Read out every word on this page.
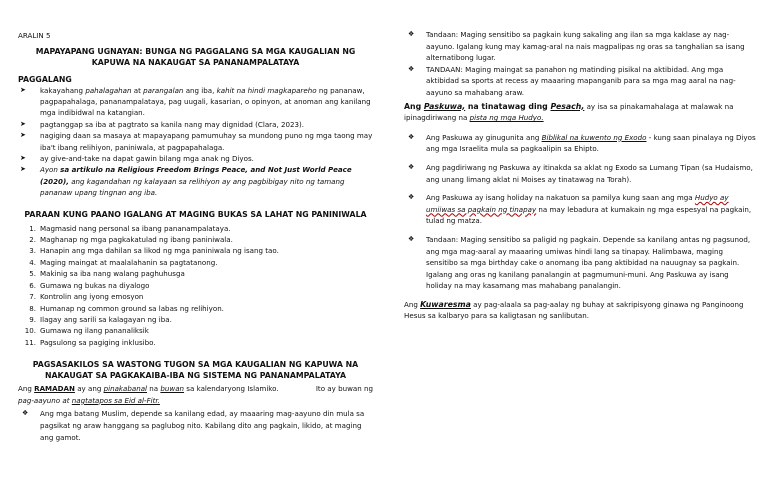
ARALIN 5

MAPAYAPANG UGNAYAN: BUNGA NG PAGGALANG SA MGA KAUGALIAN NG KAPUWA NA NAKAUGAT SA PANANAMPALATAYA

PAGGALANG

➤ kakayahang pahalagahan at parangalan ang iba, kahit na hindi magkapareho ng pananaw, pagpapahalaga, pananampalataya, pag uugali, kasarian, o opinyon, at anoman ang kanilang mga indibidwal na katangian.
➤ pagtanggap sa iba at pagtrato sa kanila nang may dignidad (Clara, 2023).
➤ nagiging daan sa masaya at mapayapang pamumuhay sa mundong puno ng mga taong may iba't ibang relihiyon, paniniwala, at pagpapahalaga.
➤ ay give-and-take na dapat gawin bilang mga anak ng Diyos.
➤ Ayon sa artikulo na Religious Freedom Brings Peace, and Not Just World Peace (2020), ang kagandahan ng kalayaan sa relihiyon ay ang pagbibigay nito ng tamang pananaw upang tingnan ang iba.

PARAAN KUNG PAANO IGALANG AT MAGING BUKAS SA LAHAT NG PANINIWALA

1. Magmasid nang personal sa ibang pananampalataya.
2. Maghanap ng mga pagkakatulad ng ibang paniniwala.
3. Hanapin ang mga dahilan sa likod ng mga paniniwala ng isang tao.
4. Maging maingat at maalalahanin sa pagtatanong.
5. Makinig sa iba nang walang paghuhusga
6. Gumawa ng bukas na diyalogo
7. Kontrolin ang iyong emosyon
8. Humanap ng common ground sa labas ng relihiyon.
9. Ilagay ang sarili sa kalagayan ng iba.
10. Gumawa ng ilang pananaliksik
11. Pagsulong sa pagiging inklusibo.

PAGSASAKILOS SA WASTONG TUGON SA MGA KAUGALIAN NG KAPUWA NA NAKAUGAT SA PAGKAKAIBA-IBA NG SISTEMA NG PANANAMPALATAYA

Ang RAMADAN ay ang pinakabanal na buwan sa kalendaryong Islamiko.	Ito ay buwan ng

pag-aayuno at nagtatapos sa Eid al-Fitr.

❖ Ang mga batang Muslim, depende sa kanilang edad, ay maaaring mag-aayuno din mula sa pagsikat ng araw hanggang sa paglubog nito. Kabilang dito ang pagkain, likido, at maging ang gamot.
❖ Tandaan: Maging sensitibo sa pagkain kung sakaling ang ilan sa mga kaklase ay nag-aayuno. Igalang kung may kamag-aral na nais magpalipas ng oras sa tanghalian sa isang alternatibong lugar.
❖ TANDAAN: Maging maingat sa panahon ng matinding pisikal na aktibidad. Ang mga aktibidad sa sports at recess ay maaaring mapanganib para sa mga mag aaral na nag-aayuno sa mahabang araw.

Ang Paskuwa, na tinatawag ding Pesach, ay isa sa pinakamahalaga at malawak na ipinagdiriwang na pista ng mga Hudyo.

❖ Ang Paskuwa ay ginugunita ang Biblikal na kuwento ng Exodo - kung saan pinalaya ng Diyos ang mga Israelita mula sa pagkaalipin sa Ehipto.
❖ Ang pagdiriwang ng Paskuwa ay itinakda sa aklat ng Exodo sa Lumang Tipan (sa Hudaismo, ang unang limang aklat ni Moises ay tinatawag na Torah).
❖ Ang Paskuwa ay isang holiday na nakatuon sa pamilya kung saan ang mga Hudyo ay umiiwas sa pagkain ng tinapay na may lebadura at kumakain ng mga espesyal na pagkain, tulad ng matza.
❖ Tandaan: Maging sensitibo sa paligid ng pagkain. Depende sa kanilang antas ng pagsunod, ang mga mag-aaral ay maaaring umiwas hindi lang sa tinapay. Halimbawa, maging sensitibo sa mga birthday cake o anomang iba pang aktibidad na nauugnay sa pagkain. Igalang ang oras ng kanilang panalangin at pagmumuni-muni. Ang Paskuwa ay isang holiday na may kasamang mas mahabang panalangin.

Ang Kuwaresma ay pag-alaala sa pag-aalay ng buhay at sakripisyong ginawa ng Panginoong Hesus sa kalbaryo para sa kaligtasan ng sanlibutan.
